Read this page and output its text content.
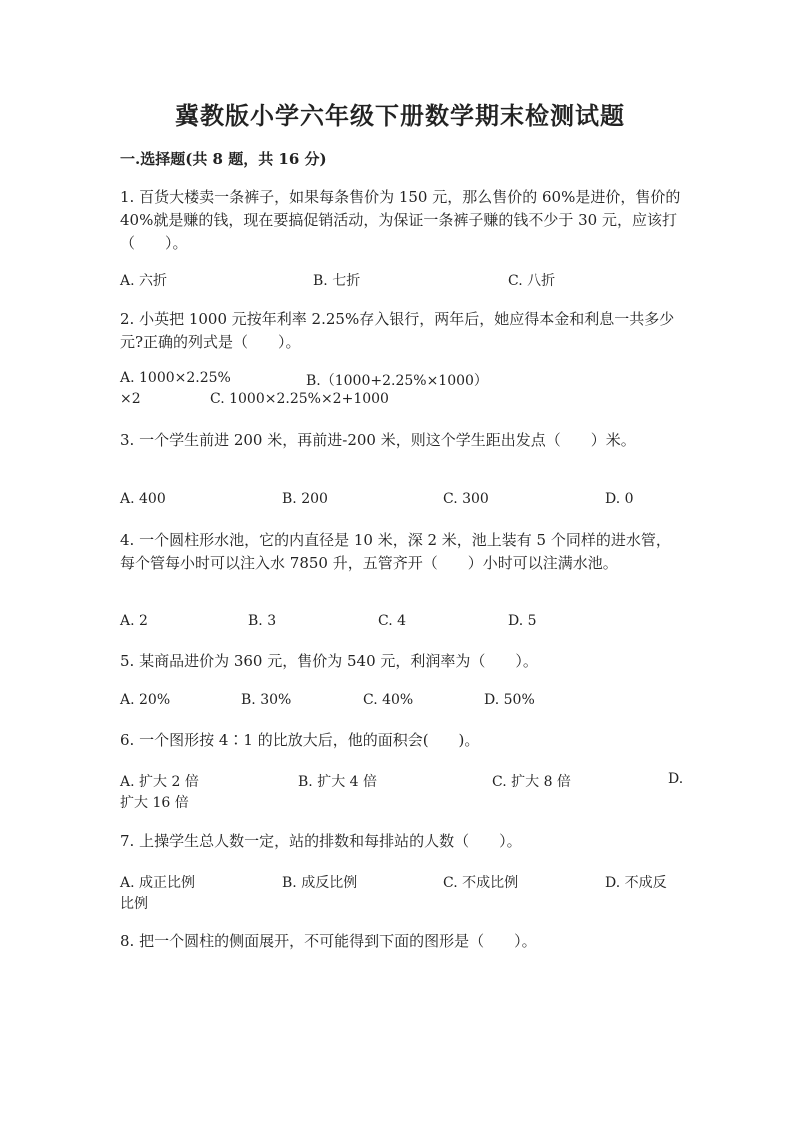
冀教版小学六年级下册数学期末检测试题
一.选择题(共 8 题，共 16 分)
1. 百货大楼卖一条裤子，如果每条售价为 150 元，那么售价的 60%是进价，售价的 40%就是赚的钱，现在要搞促销活动，为保证一条裤子赚的钱不少于 30 元，应该打（　　）。
A. 六折	B. 七折	C. 八折
2. 小英把 1000 元按年利率 2.25%存入银行，两年后，她应得本金和利息一共多少元?正确的列式是（　　）。
A. 1000×2.25%	B.（1000+2.25%×1000）
×2	C. 1000×2.25%×2+1000
3. 一个学生前进 200 米，再前进-200 米，则这个学生距出发点（　　）米。
A. 400	B. 200	C. 300	D. 0
4. 一个圆柱形水池，它的内直径是 10 米，深 2 米，池上装有 5 个同样的进水管，每个管每小时可以注入水 7850 升，五管齐开（　　）小时可以注满水池。
A. 2	B. 3	C. 4	D. 5
5. 某商品进价为 360 元，售价为 540 元，利润率为（　　）。
A. 20%	B. 30%	C. 40%	D. 50%
6. 一个图形按 4∶1 的比放大后，他的面积会(　　)。
A. 扩大 2 倍	B. 扩大 4 倍	C. 扩大 8 倍	D.
扩大 16 倍
7. 上操学生总人数一定，站的排数和每排站的人数（　　）。
A. 成正比例	B. 成反比例	C. 不成比例	D. 不成反
比例
8. 把一个圆柱的侧面展开，不可能得到下面的图形是（　　）。
